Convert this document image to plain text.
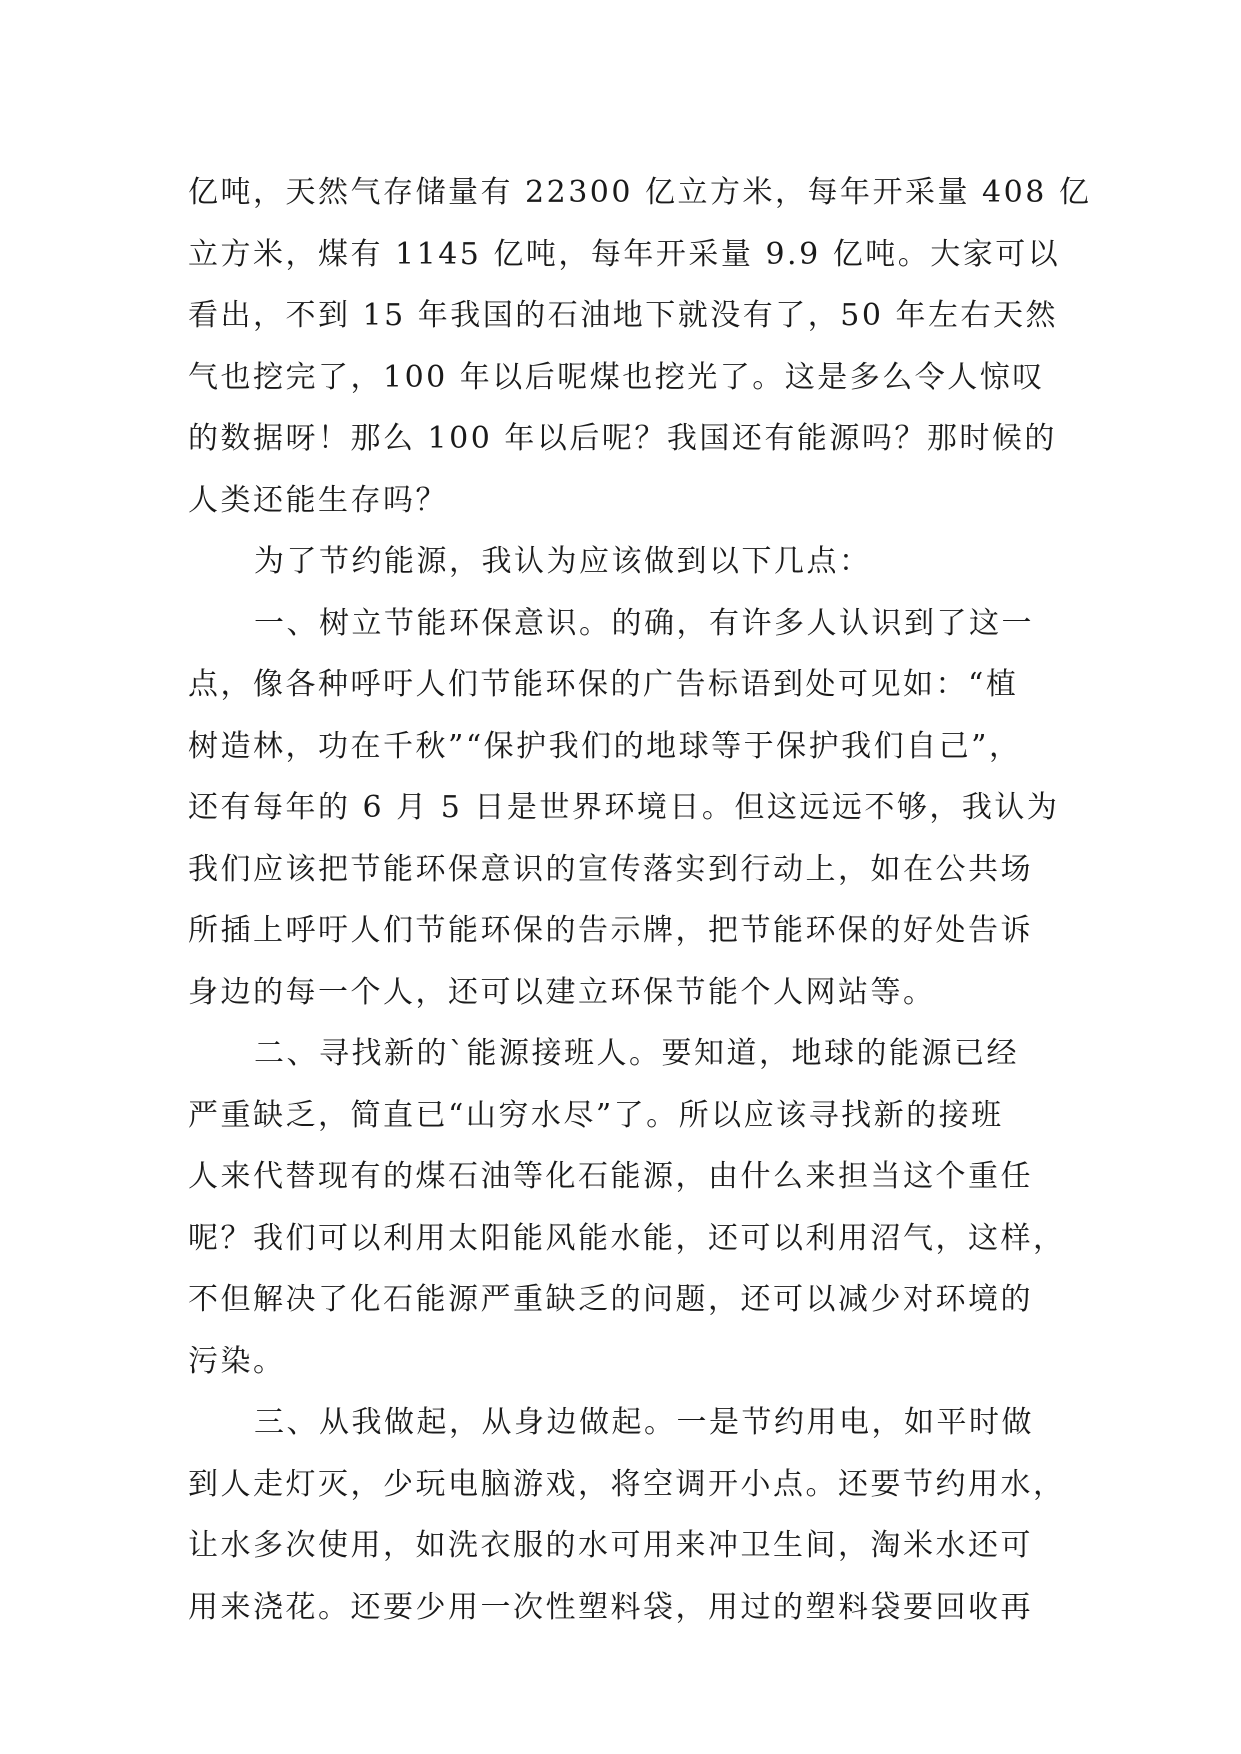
亿吨，天然气存储量有 22300 亿立方米，每年开采量 408 亿
立方米，煤有 1145 亿吨，每年开采量 9.9 亿吨。大家可以
看出，不到 15 年我国的石油地下就没有了，50 年左右天然
气也挖完了，100 年以后呢煤也挖光了。这是多么令人惊叹
的数据呀！那么 100 年以后呢？我国还有能源吗？那时候的
人类还能生存吗？
为了节约能源，我认为应该做到以下几点：
一、树立节能环保意识。的确，有许多人认识到了这一
点，像各种呼吁人们节能环保的广告标语到处可见如：“植
树造林，功在千秋”“保护我们的地球等于保护我们自己”，
还有每年的 6 月 5 日是世界环境日。但这远远不够，我认为
我们应该把节能环保意识的宣传落实到行动上，如在公共场
所插上呼吁人们节能环保的告示牌，把节能环保的好处告诉
身边的每一个人，还可以建立环保节能个人网站等。
二、寻找新的`能源接班人。要知道，地球的能源已经
严重缺乏，简直已“山穷水尽”了。所以应该寻找新的接班
人来代替现有的煤石油等化石能源，由什么来担当这个重任
呢？我们可以利用太阳能风能水能，还可以利用沼气，这样，
不但解决了化石能源严重缺乏的问题，还可以减少对环境的
污染。
三、从我做起，从身边做起。一是节约用电，如平时做
到人走灯灭，少玩电脑游戏，将空调开小点。还要节约用水，
让水多次使用，如洗衣服的水可用来冲卫生间，淘米水还可
用来浇花。还要少用一次性塑料袋，用过的塑料袋要回收再
